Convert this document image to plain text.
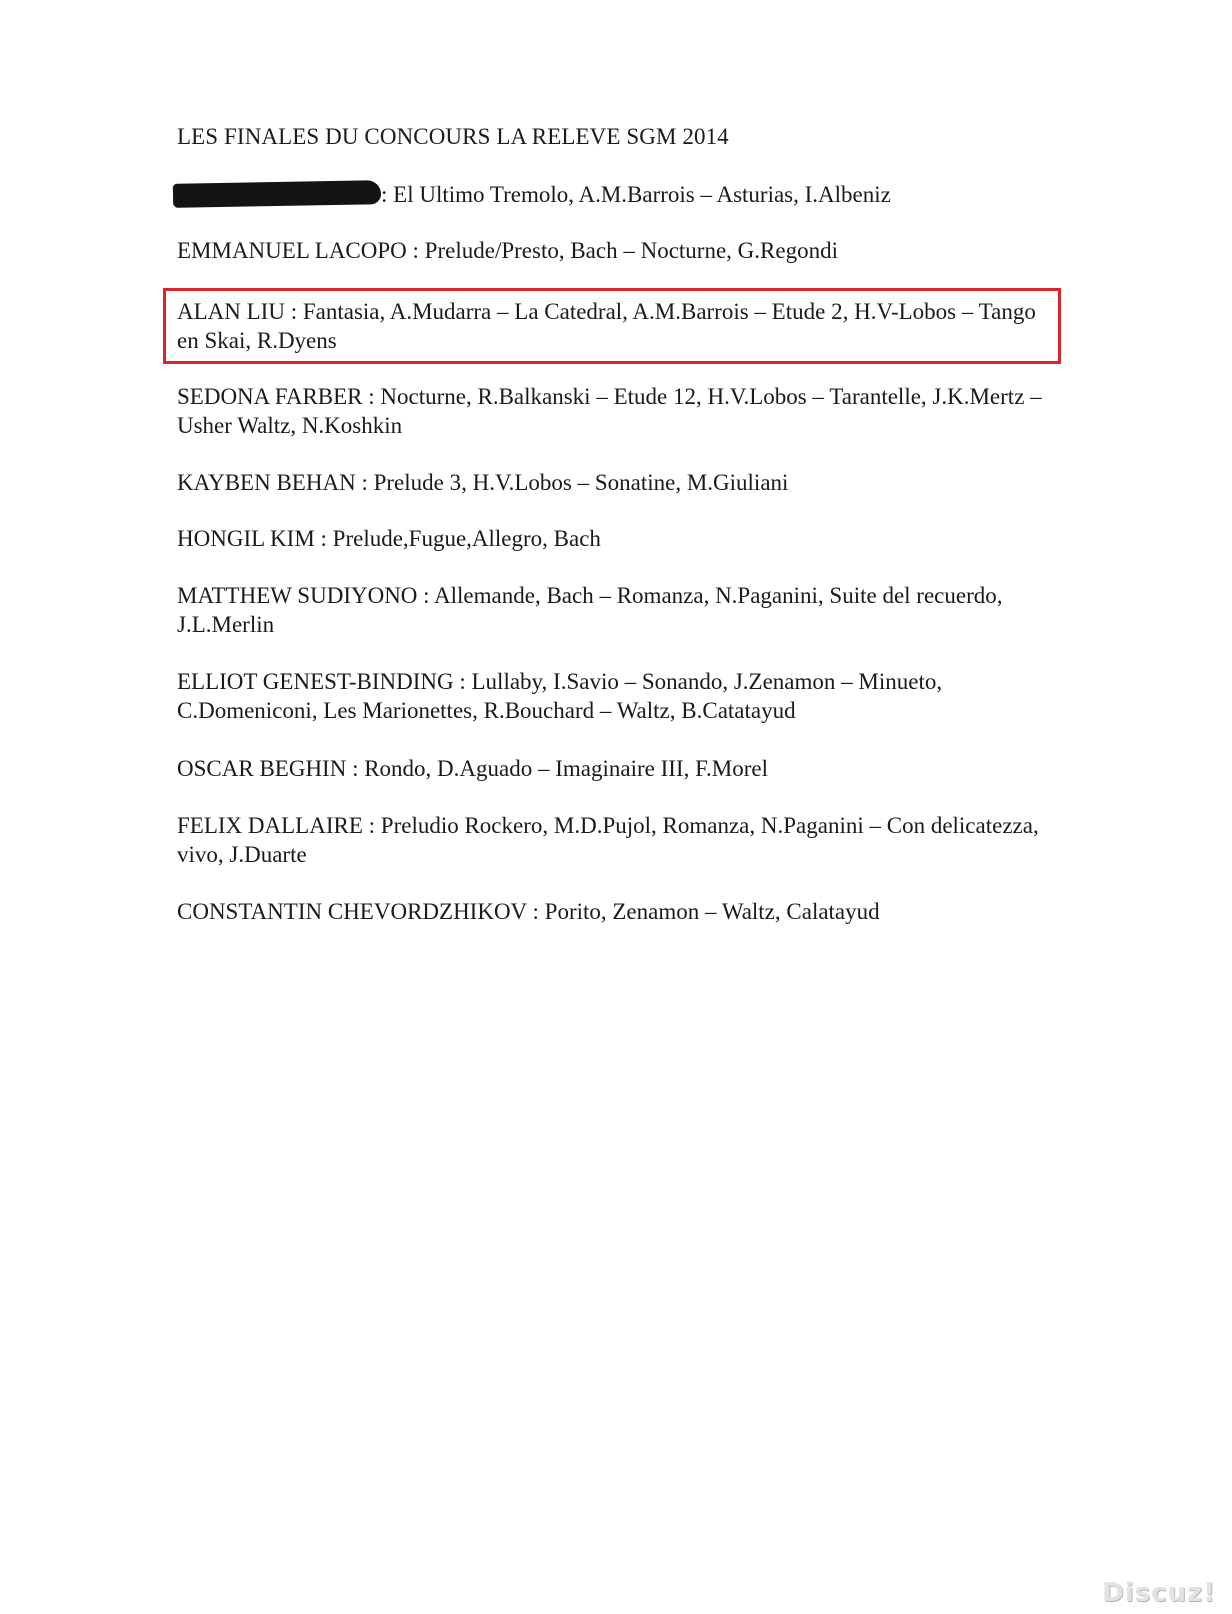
LES FINALES DU CONCOURS LA RELEVE SGM 2014
: El Ultimo Tremolo, A.M.Barrois – Asturias, I.Albeniz
EMMANUEL LACOPO : Prelude/Presto, Bach – Nocturne, G.Regondi
ALAN LIU : Fantasia, A.Mudarra – La Catedral, A.M.Barrois – Etude 2, H.V-Lobos – Tango en Skai, R.Dyens
SEDONA FARBER : Nocturne, R.Balkanski – Etude 12, H.V.Lobos – Tarantelle, J.K.Mertz – Usher Waltz, N.Koshkin
KAYBEN BEHAN : Prelude 3, H.V.Lobos – Sonatine, M.Giuliani
HONGIL KIM : Prelude,Fugue,Allegro, Bach
MATTHEW SUDIYONO : Allemande, Bach – Romanza, N.Paganini, Suite del recuerdo, J.L.Merlin
ELLIOT GENEST-BINDING : Lullaby, I.Savio – Sonando, J.Zenamon – Minueto, C.Domeniconi, Les Marionettes, R.Bouchard – Waltz, B.Catatayud
OSCAR BEGHIN : Rondo, D.Aguado – Imaginaire III, F.Morel
FELIX DALLAIRE : Preludio Rockero, M.D.Pujol, Romanza, N.Paganini – Con delicatezza, vivo, J.Duarte
CONSTANTIN CHEVORDZHIKOV : Porito, Zenamon – Waltz, Calatayud
Discuz!
